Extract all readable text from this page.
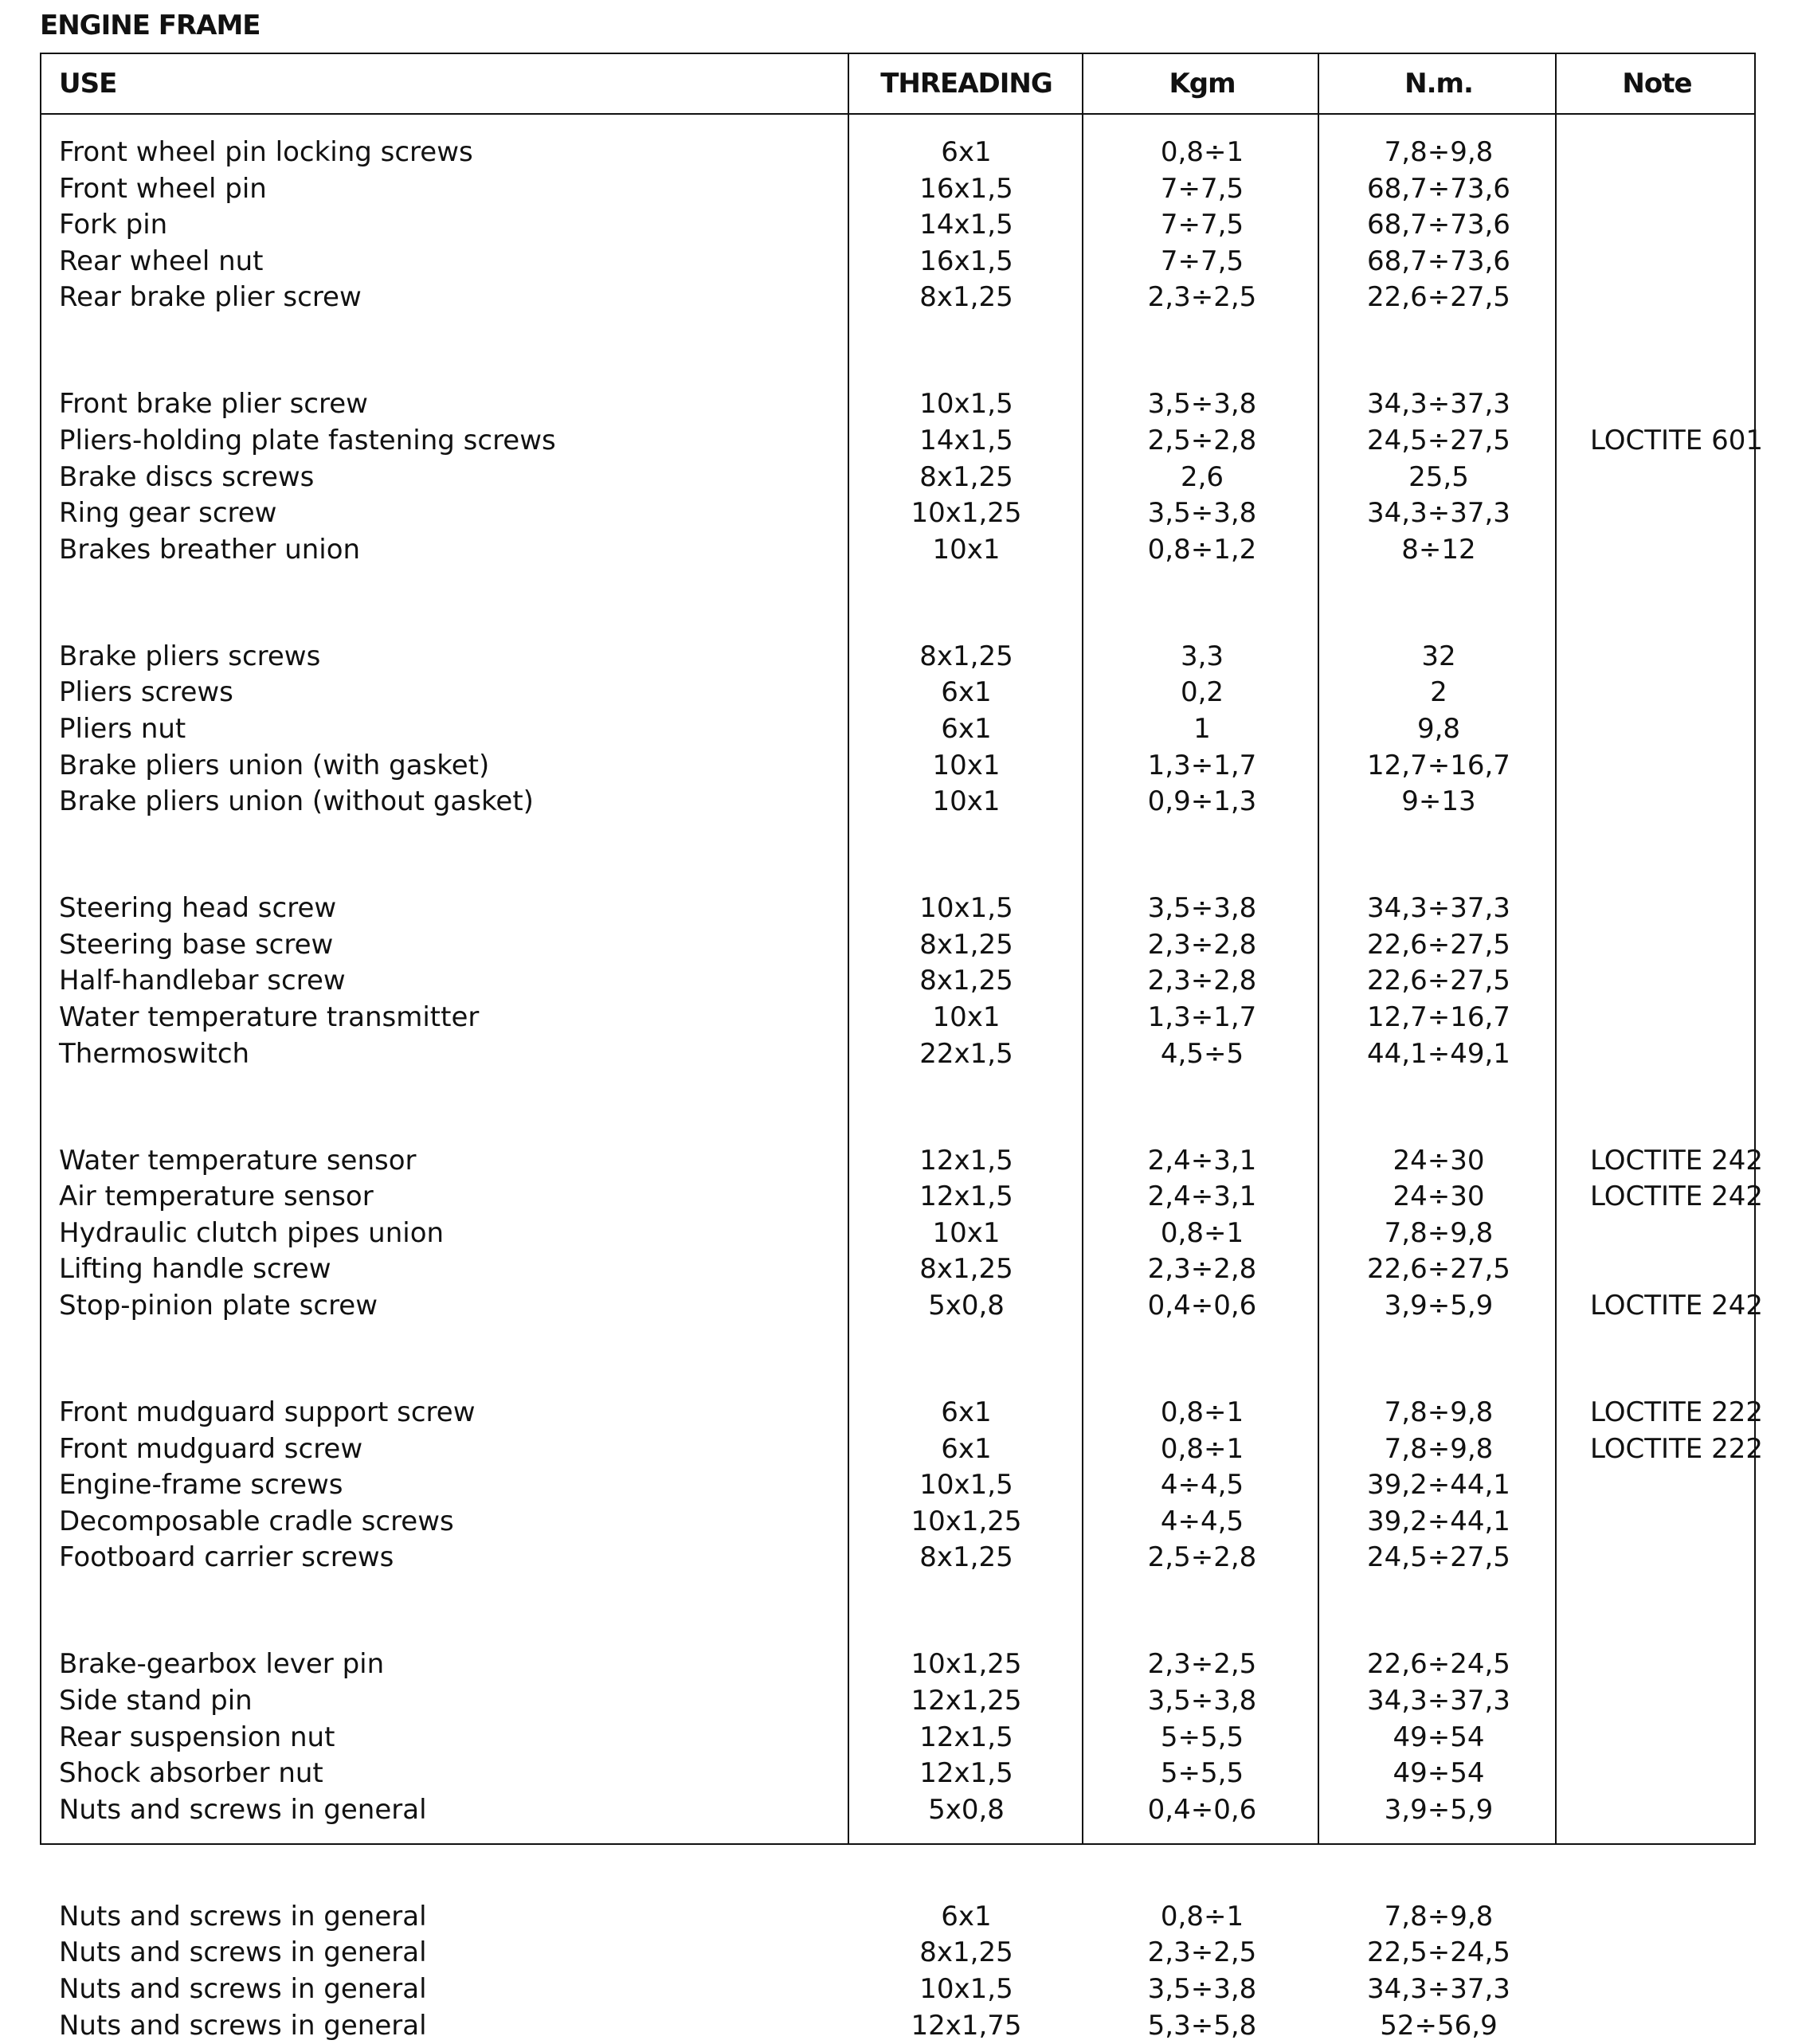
ENGINE FRAME
USE	THREADING	Kgm	N.m.	Note
Front wheel pin locking screws	6x1	0,8÷1	7,8÷9,8
Front wheel pin	16x1,5	7÷7,5	68,7÷73,6
Fork pin	14x1,5	7÷7,5	68,7÷73,6
Rear wheel nut	16x1,5	7÷7,5	68,7÷73,6
Rear brake plier screw	8x1,25	2,3÷2,5	22,6÷27,5
Front brake plier screw	10x1,5	3,5÷3,8	34,3÷37,3
Pliers-holding plate fastening screws	14x1,5	2,5÷2,8	24,5÷27,5	LOCTITE 601
Brake discs screws	8x1,25	2,6	25,5
Ring gear screw	10x1,25	3,5÷3,8	34,3÷37,3
Brakes breather union	10x1	0,8÷1,2	8÷12
Brake pliers screws	8x1,25	3,3	32
Pliers screws	6x1	0,2	2
Pliers nut	6x1	1	9,8
Brake pliers union (with gasket)	10x1	1,3÷1,7	12,7÷16,7
Brake pliers union (without gasket)	10x1	0,9÷1,3	9÷13
Steering head screw	10x1,5	3,5÷3,8	34,3÷37,3
Steering base screw	8x1,25	2,3÷2,8	22,6÷27,5
Half-handlebar screw	8x1,25	2,3÷2,8	22,6÷27,5
Water temperature transmitter	10x1	1,3÷1,7	12,7÷16,7
Thermoswitch	22x1,5	4,5÷5	44,1÷49,1
Water temperature sensor	12x1,5	2,4÷3,1	24÷30	LOCTITE 242
Air temperature sensor	12x1,5	2,4÷3,1	24÷30	LOCTITE 242
Hydraulic clutch pipes union	10x1	0,8÷1	7,8÷9,8
Lifting handle screw	8x1,25	2,3÷2,8	22,6÷27,5
Stop-pinion plate screw	5x0,8	0,4÷0,6	3,9÷5,9	LOCTITE 242
Front mudguard support screw	6x1	0,8÷1	7,8÷9,8	LOCTITE 222
Front mudguard screw	6x1	0,8÷1	7,8÷9,8	LOCTITE 222
Engine-frame screws	10x1,5	4÷4,5	39,2÷44,1
Decomposable cradle screws	10x1,25	4÷4,5	39,2÷44,1
Footboard carrier screws	8x1,25	2,5÷2,8	24,5÷27,5
Brake-gearbox lever pin	10x1,25	2,3÷2,5	22,6÷24,5
Side stand pin	12x1,25	3,5÷3,8	34,3÷37,3
Rear suspension nut	12x1,5	5÷5,5	49÷54
Shock absorber nut	12x1,5	5÷5,5	49÷54
Nuts and screws in general	5x0,8	0,4÷0,6	3,9÷5,9
Nuts and screws in general	6x1	0,8÷1	7,8÷9,8
Nuts and screws in general	8x1,25	2,3÷2,5	22,5÷24,5
Nuts and screws in general	10x1,5	3,5÷3,8	34,3÷37,3
Nuts and screws in general	12x1,75	5,3÷5,8	52÷56,9
